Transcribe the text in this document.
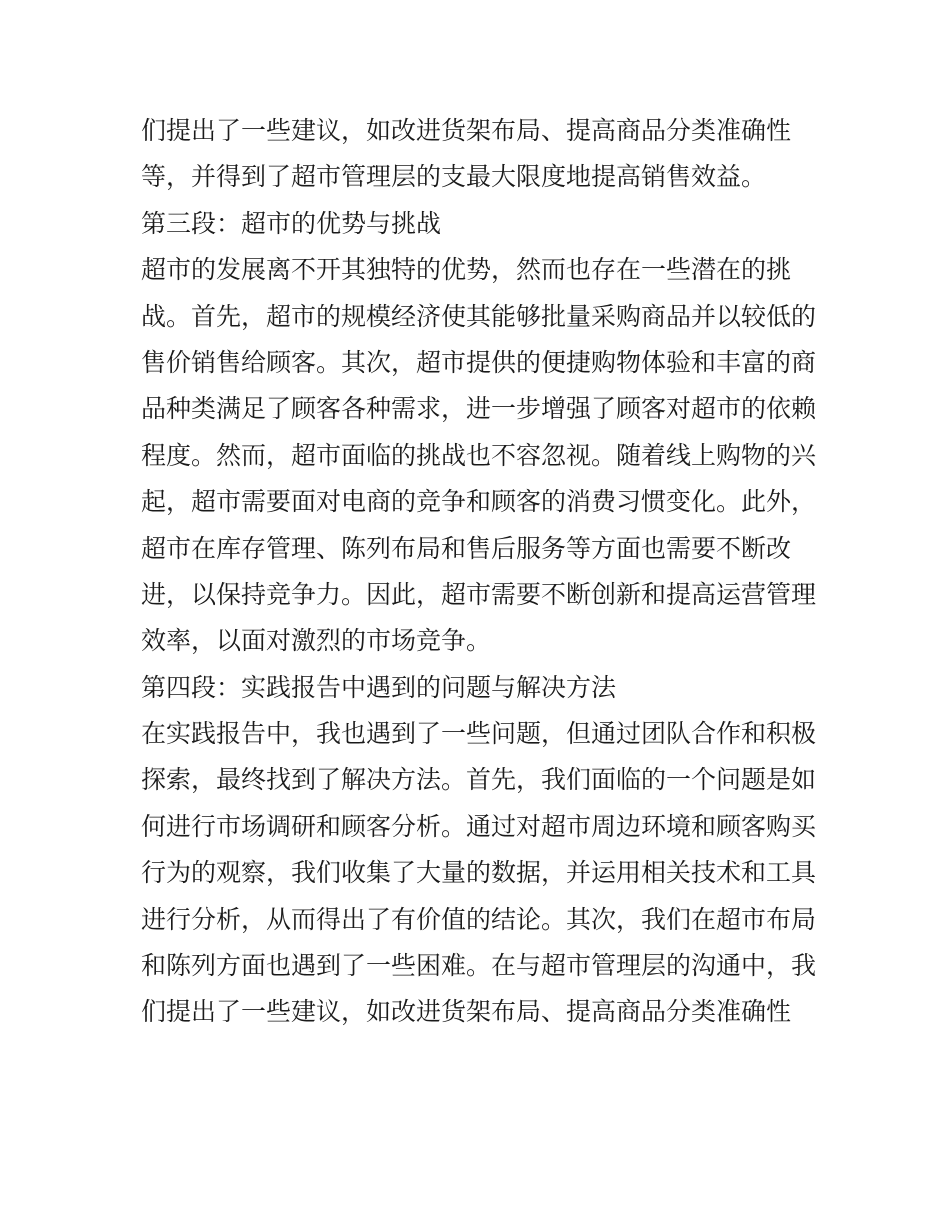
们提出了一些建议，如改进货架布局、提高商品分类准确性
等，并得到了超市管理层的支最大限度地提高销售效益。
第三段：超市的优势与挑战
超市的发展离不开其独特的优势，然而也存在一些潜在的挑
战。首先，超市的规模经济使其能够批量采购商品并以较低的
售价销售给顾客。其次，超市提供的便捷购物体验和丰富的商
品种类满足了顾客各种需求，进一步增强了顾客对超市的依赖
程度。然而，超市面临的挑战也不容忽视。随着线上购物的兴
起，超市需要面对电商的竞争和顾客的消费习惯变化。此外，
超市在库存管理、陈列布局和售后服务等方面也需要不断改
进，以保持竞争力。因此，超市需要不断创新和提高运营管理
效率，以面对激烈的市场竞争。
第四段：实践报告中遇到的问题与解决方法
在实践报告中，我也遇到了一些问题，但通过团队合作和积极
探索，最终找到了解决方法。首先，我们面临的一个问题是如
何进行市场调研和顾客分析。通过对超市周边环境和顾客购买
行为的观察，我们收集了大量的数据，并运用相关技术和工具
进行分析，从而得出了有价值的结论。其次，我们在超市布局
和陈列方面也遇到了一些困难。在与超市管理层的沟通中，我
们提出了一些建议，如改进货架布局、提高商品分类准确性
